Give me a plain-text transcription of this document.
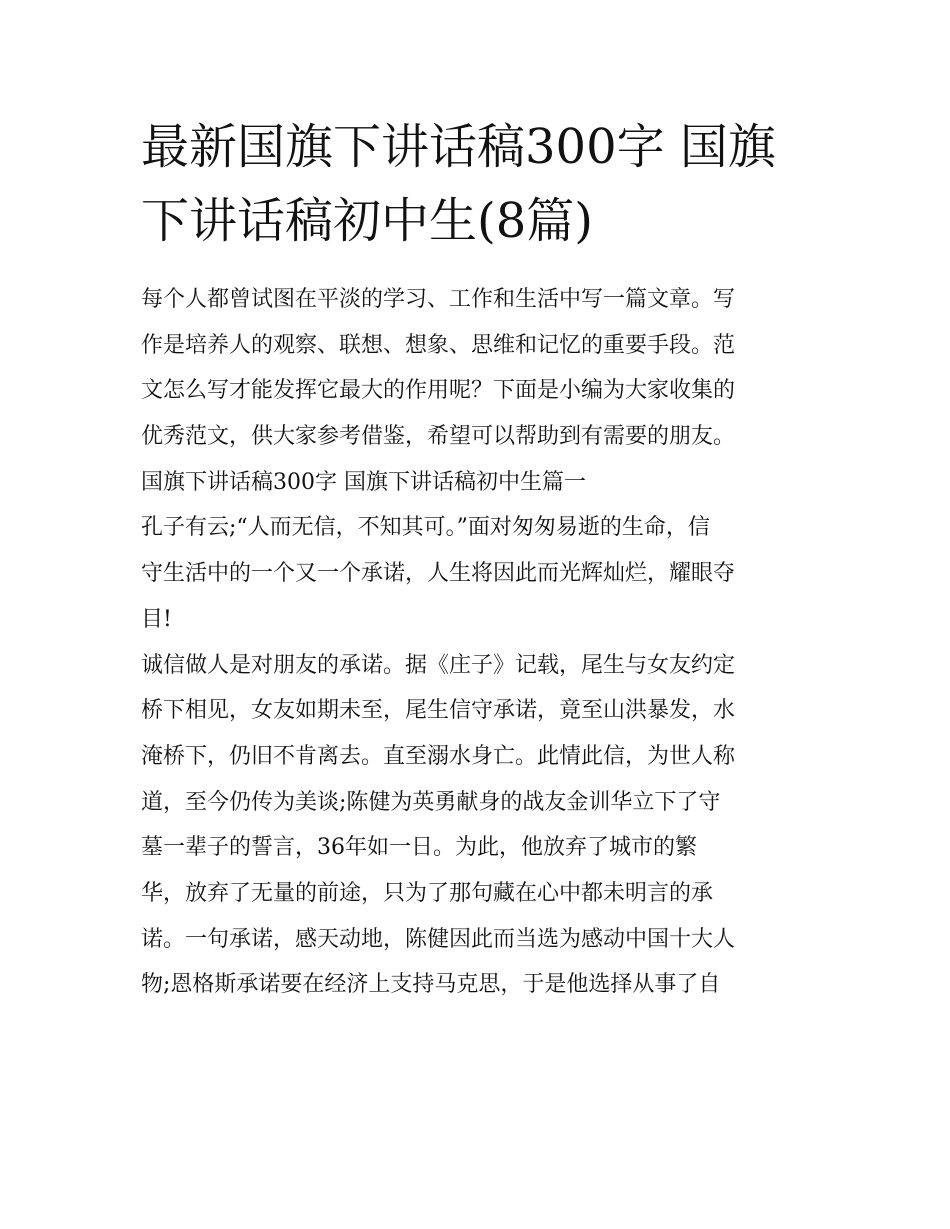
最新国旗下讲话稿300字 国旗
下讲话稿初中生(8篇)
每个人都曾试图在平淡的学习、工作和生活中写一篇文章。写
作是培养人的观察、联想、想象、思维和记忆的重要手段。范
文怎么写才能发挥它最大的作用呢？下面是小编为大家收集的
优秀范文，供大家参考借鉴，希望可以帮助到有需要的朋友。
国旗下讲话稿300字 国旗下讲话稿初中生篇一
孔子有云;“人而无信，不知其可。”面对匆匆易逝的生命，信
守生活中的一个又一个承诺，人生将因此而光辉灿烂，耀眼夺
目!
诚信做人是对朋友的承诺。据《庄子》记载，尾生与女友约定
桥下相见，女友如期未至，尾生信守承诺，竟至山洪暴发，水
淹桥下，仍旧不肯离去。直至溺水身亡。此情此信，为世人称
道，至今仍传为美谈;陈健为英勇献身的战友金训华立下了守
墓一辈子的誓言，36年如一日。为此，他放弃了城市的繁
华，放弃了无量的前途，只为了那句藏在心中都未明言的承
诺。一句承诺，感天动地，陈健因此而当选为感动中国十大人
物;恩格斯承诺要在经济上支持马克思，于是他选择从事了自
